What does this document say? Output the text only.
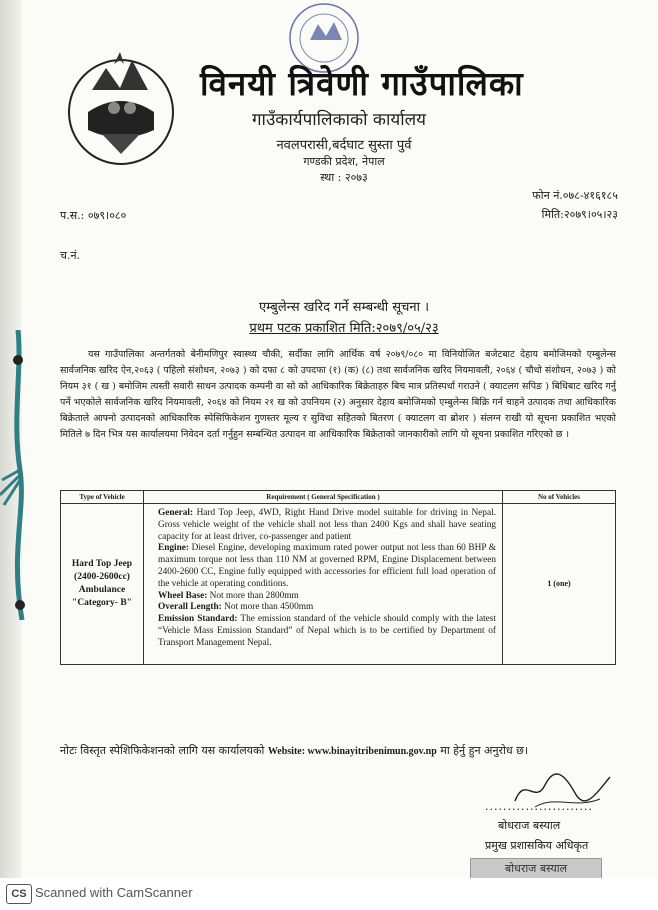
विनयी त्रिवेणी गाउँपालिका
गाउँकार्यपालिकाको कार्यालय
नवलपरासी,बर्दघाट सुस्ता पुर्व
गण्डकी प्रदेश, नेपाल
स्था : २०७३
फोन नं.०७८-४१६१८५
मिति:२०७९।०५।२३
प.स.: ०७९।०८०
च.नं.
एम्बुलेन्स खरिद गर्ने सम्बन्धी सूचना ।
प्रथम पटक प्रकाशित मिति:२०७९/०५/२३
यस गाउँपालिका अन्तर्गतको बेनीमणिपुर स्वास्थ्य चौकी, सर्दीका लागि आर्थिक वर्ष २०७९/०८० मा विनियोजित बजेटबाट देहाय बमोजिमको एम्बुलेन्स सार्वजनिक खरिद ऐन,२०६३ ( पहिलो संशोधन, २०७३ ) को दफा ८ को उपदफा (१) (क) (८) तथा सार्वजनिक खरिद नियमावली, २०६४ ( चौधो संशोधन, २०७३ ) को नियम ३१ ( ख ) बमोजिम त्यस्ती सवारी साधन उत्पादक कम्पनी वा सो को आधिकारिक बिक्रेताहरु बिच मात्र प्रतिस्पर्धा गराउने ( क्याटलग सपिङ ) बिधिबाट खरिद गर्नु पर्ने भएकोले सार्वजनिक खरिद नियमावली, २०६४ को नियम २१ ख को उपनियम (२) अनुसार देहाय बमोजिमको एम्बुलेन्स बिक्रि गर्न चाहने उत्पादक तथा आधिकारिक बिक्रेताले आफ्नो उत्पादनको आधिकारिक स्पेसिफिकेशन गुणस्तर मूल्य र सुविधा सहितको बितरण ( क्याटलग वा ब्रोशर ) संलग्न राखी यो सूचना प्रकाशित भएको मितिले ७ दिन भित्र यस कार्यालयमा निवेदन दर्ता गर्नुहुन सम्बन्धित उत्पादन वा आधिकारिक बिक्रेताको जानकारीको लागि यो सूचना प्रकाशित गरिएको छ ।
Type of Vehicle	Requirement ( General Specification )	No of Vehicles
Hard Top Jeep (2400-2600cc) Ambulance "Category- B"	General: Hard Top Jeep, 4WD, Right Hand Drive model suitable for driving in Nepal. Gross vehicle weight of the vehicle shall not less than 2400 Kgs and shall have seating capacity for at least driver, co-passenger and patient
Engine: Diesel Engine, developing maximum rated power output not less than 60 BHP & maximum torque not less than 110 NM at governed RPM, Engine Displacement between 2400-2600 CC, Engine fully equipped with accessories for efficient full load operation of the vehicle at operating conditions.
Wheel Base: Not more than 2800mm
Overall Length: Not more than 4500mm
Emission Standard: The emission standard of the vehicle should comply with the latest “Vehicle Mass Emission Standard” of Nepal which is to be certified by Department of Transport Management Nepal.	1 (one)
नोटः विस्तृत स्पेशिफिकेशनको लागि यस कार्यालयको Website: www.binayitribenimun.gov.np मा हेर्नु हुन अनुरोध छ।
........................
बोधराज बस्याल
प्रमुख प्रशासकिय अधिकृत
बोधराज बस्याल
CS Scanned with CamScanner
